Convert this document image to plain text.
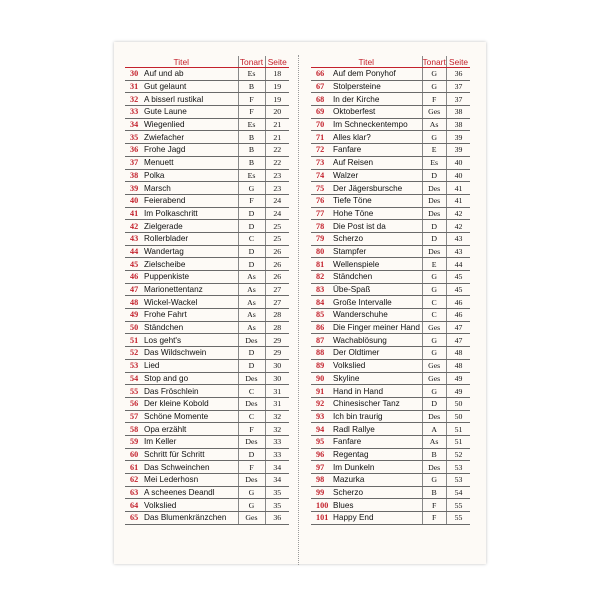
Titel		Tonart	Seite
30	Auf und ab	Es	18
31	Gut gelaunt	B	19
32	A bisserl rustikal	F	19
33	Gute Laune	F	20
34	Wiegenlied	Es	21
35	Zwiefacher	B	21
36	Frohe Jagd	B	22
37	Menuett	B	22
38	Polka	Es	23
39	Marsch	G	23
40	Feierabend	F	24
41	Im Polkaschritt	D	24
42	Zielgerade	D	25
43	Rollerblader	C	25
44	Wandertag	D	26
45	Zielscheibe	D	26
46	Puppenkiste	As	26
47	Marionettentanz	As	27
48	Wickel-Wackel	As	27
49	Frohe Fahrt	As	28
50	Ständchen	As	28
51	Los geht's	Des	29
52	Das Wildschwein	D	29
53	Lied	D	30
54	Stop and go	Des	30
55	Das Fröschlein	C	31
56	Der kleine Kobold	Des	31
57	Schöne Momente	C	32
58	Opa erzählt	F	32
59	Im Keller	Des	33
60	Schritt für Schritt	D	33
61	Das Schweinchen	F	34
62	Mei Lederhosn	Des	34
63	A scheenes Deandl	G	35
64	Volkslied	G	35
65	Das Blumenkränzchen	Ges	36
Titel		Tonart	Seite
66	Auf dem Ponyhof	G	36
67	Stolpersteine	G	37
68	In der Kirche	F	37
69	Oktoberfest	Ges	38
70	Im Schneckentempo	As	38
71	Alles klar?	G	39
72	Fanfare	E	39
73	Auf Reisen	Es	40
74	Walzer	D	40
75	Der Jägersbursche	Des	41
76	Tiefe Töne	Des	41
77	Hohe Töne	Des	42
78	Die Post ist da	D	42
79	Scherzo	D	43
80	Stampfer	Des	43
81	Wellenspiele	E	44
82	Ständchen	G	45
83	Übe-Spaß	G	45
84	Große Intervalle	C	46
85	Wanderschuhe	C	46
86	Die Finger meiner Hand	Ges	47
87	Wachablösung	G	47
88	Der Oldtimer	G	48
89	Volkslied	Ges	48
90	Skyline	Ges	49
91	Hand in Hand	G	49
92	Chinesischer Tanz	D	50
93	Ich bin traurig	Des	50
94	Radl Rallye	A	51
95	Fanfare	As	51
96	Regentag	B	52
97	Im Dunkeln	Des	53
98	Mazurka	G	53
99	Scherzo	B	54
100	Blues	F	55
101	Happy End	F	55
